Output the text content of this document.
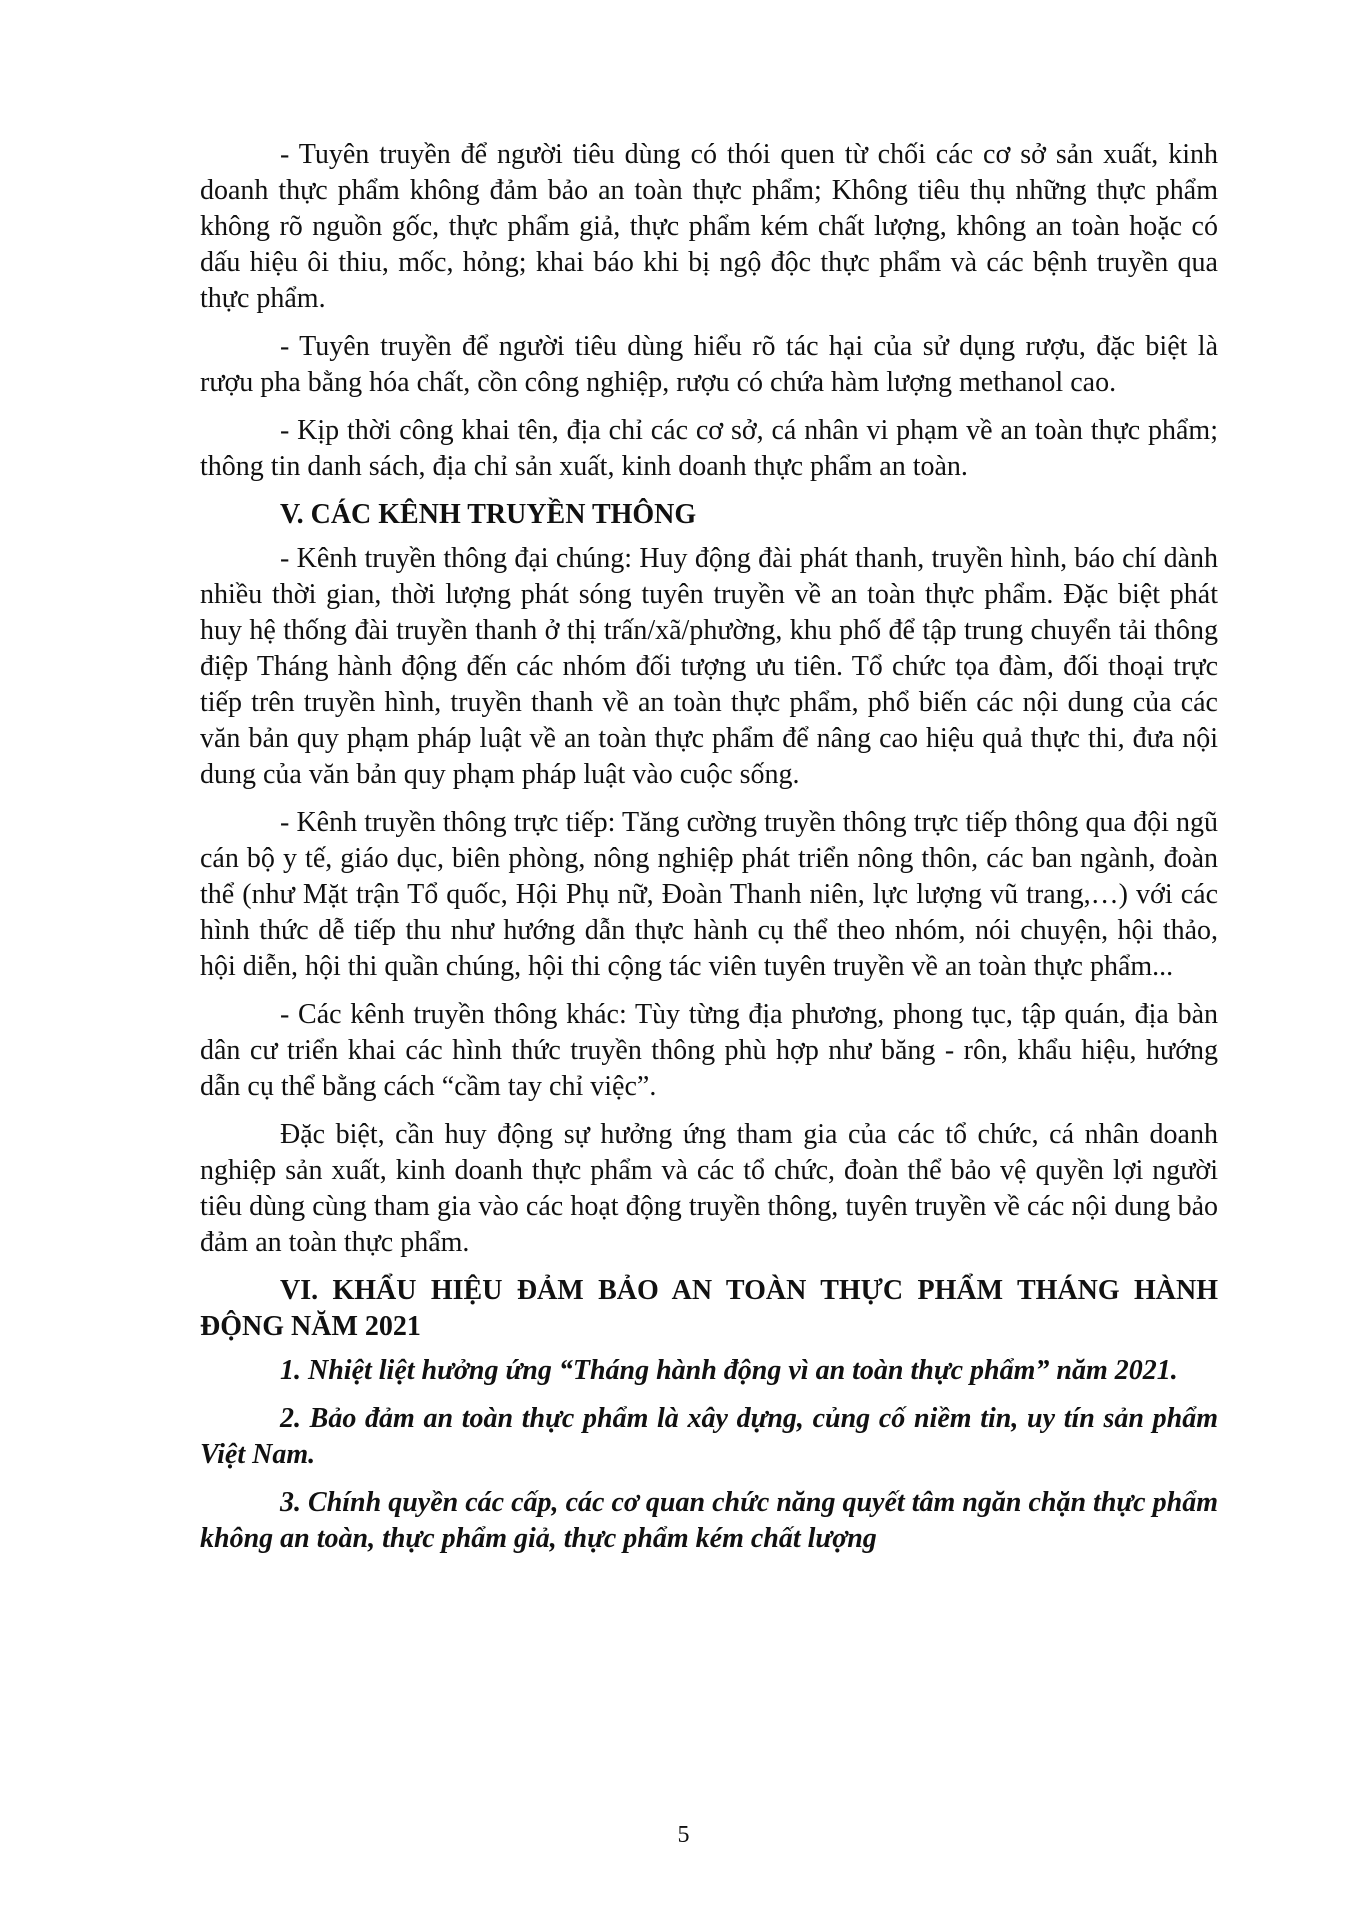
- Tuyên truyền để người tiêu dùng có thói quen từ chối các cơ sở sản xuất, kinh doanh thực phẩm không đảm bảo an toàn thực phẩm; Không tiêu thụ những thực phẩm không rõ nguồn gốc, thực phẩm giả, thực phẩm kém chất lượng, không an toàn hoặc có dấu hiệu ôi thiu, mốc, hỏng; khai báo khi bị ngộ độc thực phẩm và các bệnh truyền qua thực phẩm.

- Tuyên truyền để người tiêu dùng hiểu rõ tác hại của sử dụng rượu, đặc biệt là rượu pha bằng hóa chất, cồn công nghiệp, rượu có chứa hàm lượng methanol cao.

- Kịp thời công khai tên, địa chỉ các cơ sở, cá nhân vi phạm về an toàn thực phẩm; thông tin danh sách, địa chỉ sản xuất, kinh doanh thực phẩm an toàn.

V. CÁC KÊNH TRUYỀN THÔNG

- Kênh truyền thông đại chúng: Huy động đài phát thanh, truyền hình, báo chí dành nhiều thời gian, thời lượng phát sóng tuyên truyền về an toàn thực phẩm. Đặc biệt phát huy hệ thống đài truyền thanh ở thị trấn/xã/phường, khu phố để tập trung chuyển tải thông điệp Tháng hành động đến các nhóm đối tượng ưu tiên. Tổ chức tọa đàm, đối thoại trực tiếp trên truyền hình, truyền thanh về an toàn thực phẩm, phổ biến các nội dung của các văn bản quy phạm pháp luật về an toàn thực phẩm để nâng cao hiệu quả thực thi, đưa nội dung của văn bản quy phạm pháp luật vào cuộc sống.

- Kênh truyền thông trực tiếp: Tăng cường truyền thông trực tiếp thông qua đội ngũ cán bộ y tế, giáo dục, biên phòng, nông nghiệp phát triển nông thôn, các ban ngành, đoàn thể (như Mặt trận Tổ quốc, Hội Phụ nữ, Đoàn Thanh niên, lực lượng vũ trang,…) với các hình thức dễ tiếp thu như hướng dẫn thực hành cụ thể theo nhóm, nói chuyện, hội thảo, hội diễn, hội thi quần chúng, hội thi cộng tác viên tuyên truyền về an toàn thực phẩm...

- Các kênh truyền thông khác: Tùy từng địa phương, phong tục, tập quán, địa bàn dân cư triển khai các hình thức truyền thông phù hợp như băng - rôn, khẩu hiệu, hướng dẫn cụ thể bằng cách “cầm tay chỉ việc”.

Đặc biệt, cần huy động sự hưởng ứng tham gia của các tổ chức, cá nhân doanh nghiệp sản xuất, kinh doanh thực phẩm và các tổ chức, đoàn thể bảo vệ quyền lợi người tiêu dùng cùng tham gia vào các hoạt động truyền thông, tuyên truyền về các nội dung bảo đảm an toàn thực phẩm.

VI. KHẨU HIỆU ĐẢM BẢO AN TOÀN THỰC PHẨM THÁNG HÀNH ĐỘNG NĂM 2021

1. Nhiệt liệt hưởng ứng “Tháng hành động vì an toàn thực phẩm” năm 2021.

2. Bảo đảm an toàn thực phẩm là xây dựng, củng cố niềm tin, uy tín sản phẩm Việt Nam.

3. Chính quyền các cấp, các cơ quan chức năng quyết tâm ngăn chặn thực phẩm không an toàn, thực phẩm giả, thực phẩm kém chất lượng

5
